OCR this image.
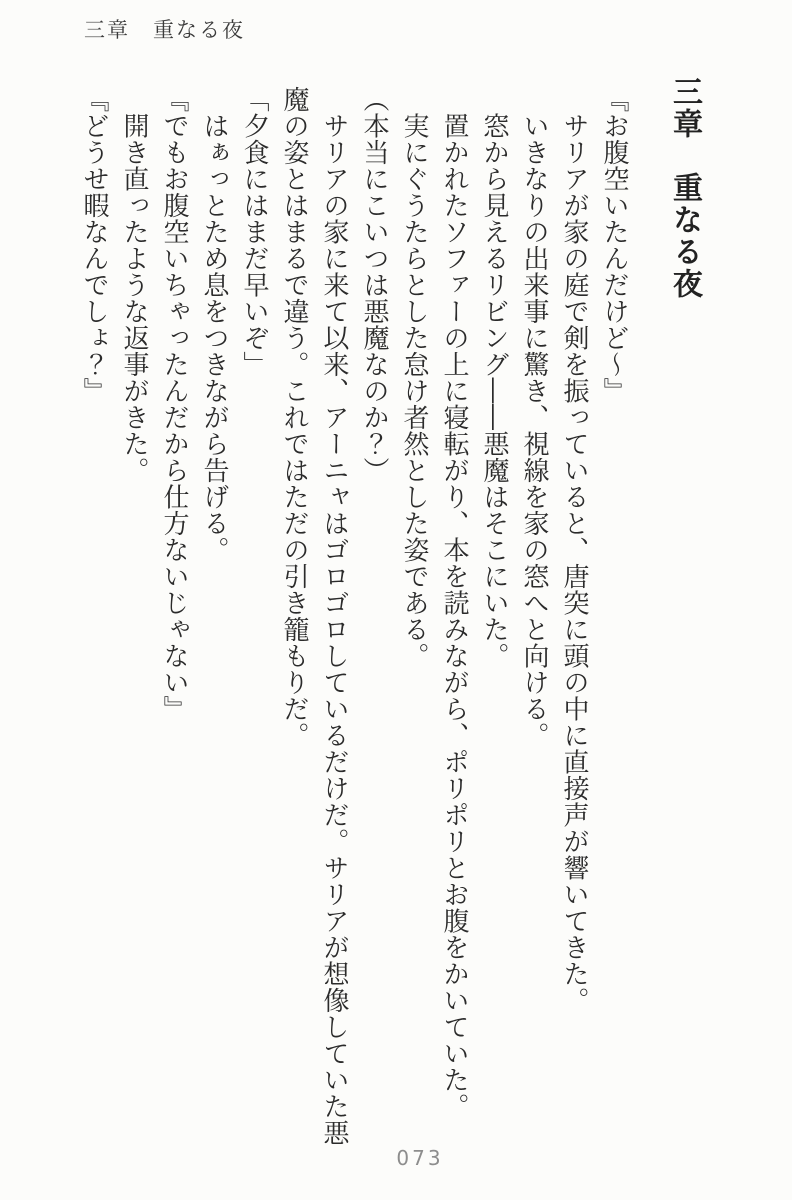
三章　重なる夜
三章　重なる夜
『お腹空いたんだけど〜』
　サリアが家の庭で剣を振っていると、唐突に頭の中に直接声が響いてきた。
　いきなりの出来事に驚き、視線を家の窓へと向ける。
　窓から見えるリビング――悪魔はそこにいた。
　置かれたソファーの上に寝転がり、本を読みながら、ポリポリとお腹をかいていた。
　実にぐうたらとした怠け者然とした姿である。
（本当にこいつは悪魔なのか？）
　サリアの家に来て以来、アーニャはゴロゴロしているだけだ。サリアが想像していた悪
魔の姿とはまるで違う。これではただの引き籠もりだ。
「夕食にはまだ早いぞ」
　はぁっとため息をつきながら告げる。
『でもお腹空いちゃったんだから仕方ないじゃない』
　開き直ったような返事がきた。
『どうせ暇なんでしょ？』
073
